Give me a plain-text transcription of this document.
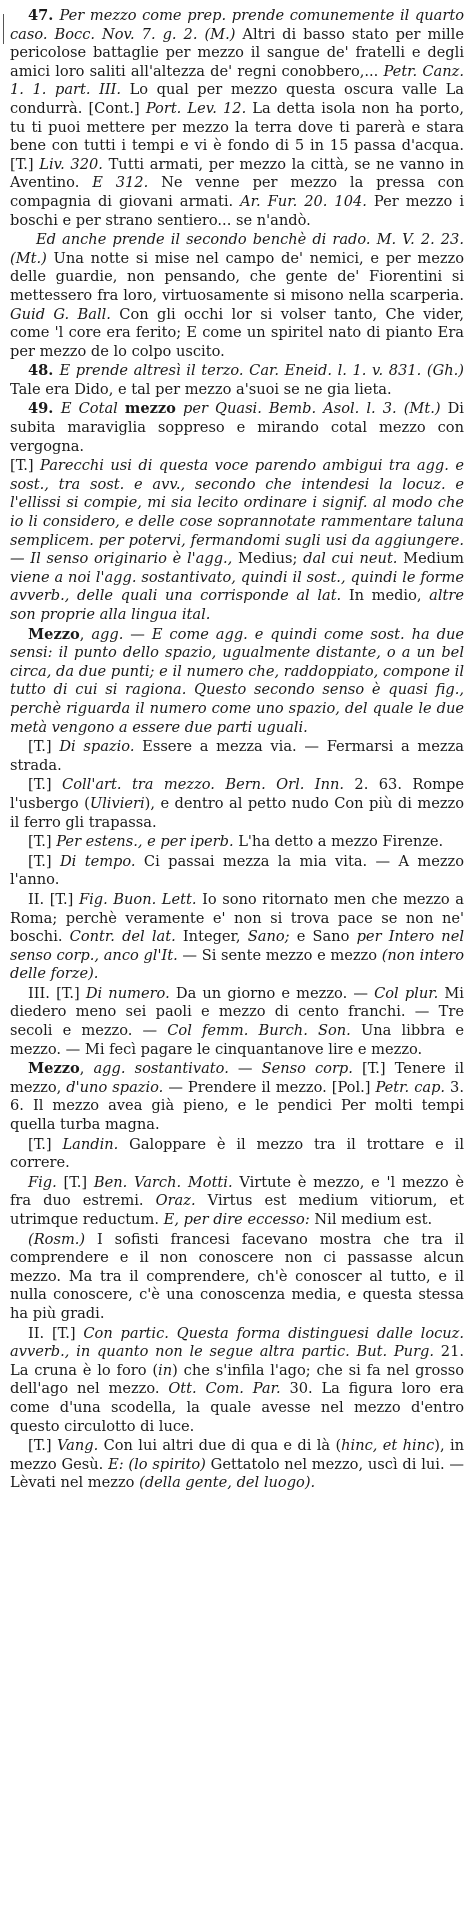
47. Per mezzo come prep. prende comunemente il quarto caso. Bocc. Nov. 7. g. 2. (M.) Altri di basso stato per mille pericolose battaglie per mezzo il sangue de' fratelli e degli amici loro saliti all'altezza de' regni conobbero,... Petr. Canz. 1. 1. part. III. Lo qual per mezzo questa oscura valle La condurrà. [Cont.] Port. Lev. 12. La detta isola non ha porto, tu ti puoi mettere per mezzo la terra dove ti parerà e stara bene con tutti i tempi e vi è fondo di 5 in 15 passa d'acqua. [T.] Liv. 320. Tutti armati, per mezzo la città, se ne vanno in Aventino. E 312. Ne venne per mezzo la pressa con compagnia di giovani armati. Ar. Fur. 20. 104. Per mezzo i boschi e per strano sentiero... se n'andò.

Ed anche prende il secondo benchè di rado. M. V. 2. 23. (Mt.) Una notte si mise nel campo de' nemici, e per mezzo delle guardie, non pensando, che gente de' Fiorentini si mettessero fra loro, virtuosamente si misono nella scarperia. Guid G. Ball. Con gli occhi lor si volser tanto, Che vider, come 'l core era ferito; E come un spiritel nato di pianto Era per mezzo de lo colpo uscito.

48. E prende altresì il terzo. Car. Eneid. l. 1. v. 831. (Gh.) Tale era Dido, e tal per mezzo a'suoi se ne gia lieta.

49. E Cotal mezzo per Quasi. Bemb. Asol. l. 3. (Mt.) Di subita maraviglia soppreso e mirando cotal mezzo con vergogna.

[T.] Parecchi usi di questa voce parendo ambigui tra agg. e sost., tra sost. e avv., secondo che intendesi la locuz. e l'ellissi si compie, mi sia lecito ordinare i signif. al modo che io li considero, e delle cose soprannotate rammentare taluna semplicem. per potervi, fermandomi sugli usi da aggiungere. — Il senso originario è l'agg., Medius; dal cui neut. Medium viene a noi l'agg. sostantivato, quindi il sost., quindi le forme avverb., delle quali una corrisponde al lat. In medio, altre son proprie alla lingua ital.

Mezzo, agg. — E come agg. e quindi come sost. ha due sensi: il punto dello spazio, ugualmente distante, o a un bel circa, da due punti; e il numero che, raddoppiato, compone il tutto di cui si ragiona. Questo secondo senso è quasi fig., perchè riguarda il numero come uno spazio, del quale le due metà vengono a essere due parti uguali.

[T.] Di spazio. Essere a mezza via. — Fermarsi a mezza strada.

[T.] Coll'art. tra mezzo. Bern. Orl. Inn. 2. 63. Rompe l'usbergo (Ulivieri), e dentro al petto nudo Con più di mezzo il ferro gli trapassa.

[T.] Per estens., e per iperb. L'ha detto a mezzo Firenze.

[T.] Di tempo. Ci passai mezza la mia vita. — A mezzo l'anno.

II. [T.] Fig. Buon. Lett. Io sono ritornato men che mezzo a Roma; perchè veramente e' non si trova pace se non ne' boschi. Contr. del lat. Integer, Sano; e Sano per Intero nel senso corp., anco gl'It. — Si sente mezzo e mezzo (non intero delle forze).

III. [T.] Di numero. Da un giorno e mezzo. — Col plur. Mi diedero meno sei paoli e mezzo di cento franchi. — Tre secoli e mezzo. — Col femm. Burch. Son. Una libbra e mezzo. — Mi fecì pagare le cinquantanove lire e mezzo.

Mezzo, agg. sostantivato. — Senso corp. [T.] Tenere il mezzo, d'uno spazio. — Prendere il mezzo. [Pol.] Petr. cap. 3. 6. Il mezzo avea già pieno, e le pendici Per molti tempi quella turba magna.

[T.] Landin. Galoppare è il mezzo tra il trottare e il correre.

Fig. [T.] Ben. Varch. Motti. Virtute è mezzo, e 'l mezzo è fra duo estremi. Oraz. Virtus est medium vitiorum, et utrimque reductum. E, per dire eccesso: Nil medium est.

(Rosm.) I sofisti francesi facevano mostra che tra il comprendere e il non conoscere non ci passasse alcun mezzo. Ma tra il comprendere, ch'è conoscer al tutto, e il nulla conoscere, c'è una conoscenza media, e questa stessa ha più gradi.

II. [T.] Con partic. Questa forma distinguesi dalle locuz. avverb., in quanto non le segue altra partic. But. Purg. 21. La cruna è lo foro (in) che s'infila l'ago; che si fa nel grosso dell'ago nel mezzo. Ott. Com. Par. 30. La figura loro era come d'una scodella, la quale avesse nel mezzo d'entro questo circulotto di luce.

[T.] Vang. Con lui altri due di qua e di là (hinc, et hinc), in mezzo Gesù. E: (lo spirito) Gettatolo nel mezzo, uscì di lui. — Lèvati nel mezzo (della gente, del luogo).
